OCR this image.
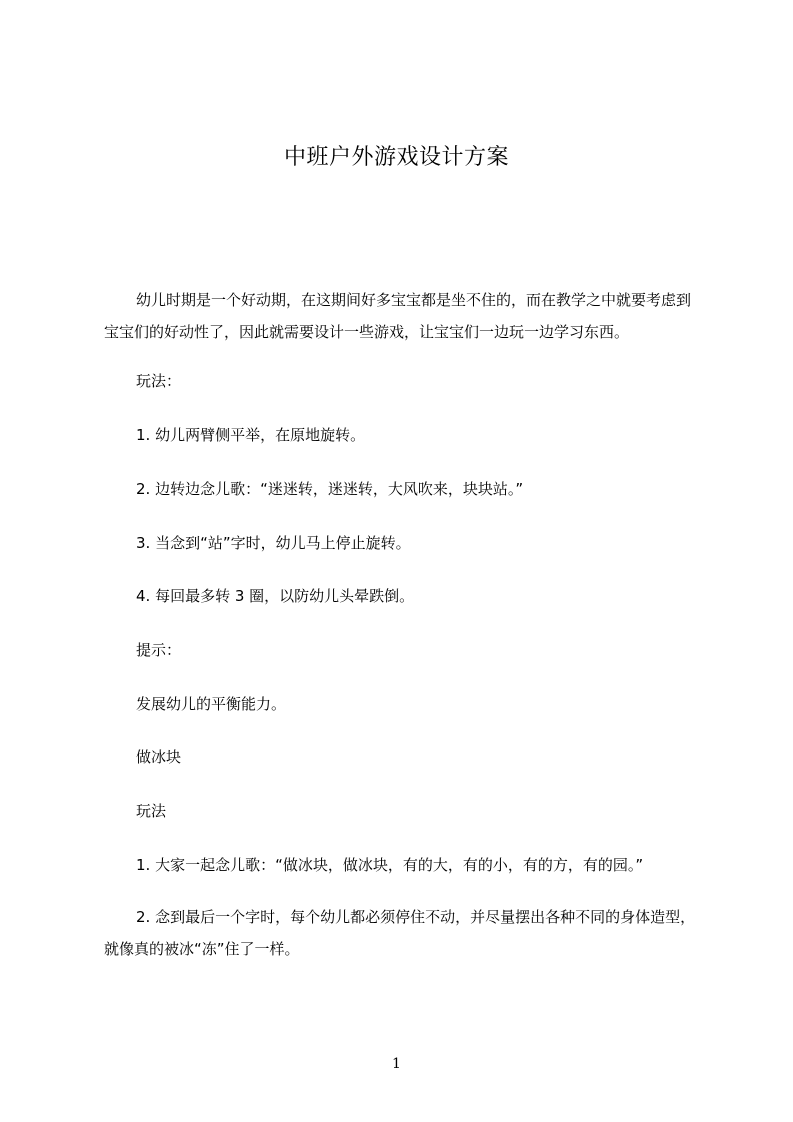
中班户外游戏设计方案

幼儿时期是一个好动期，在这期间好多宝宝都是坐不住的，而在教学之中就要考虑到宝宝们的好动性了，因此就需要设计一些游戏，让宝宝们一边玩一边学习东西。

玩法：

1. 幼儿两臂侧平举，在原地旋转。

2. 边转边念儿歌：“迷迷转，迷迷转，大风吹来，块块站。”

3. 当念到“站”字时，幼儿马上停止旋转。

4. 每回最多转 3 圈，以防幼儿头晕跌倒。

提示：

发展幼儿的平衡能力。

做冰块

玩法

1. 大家一起念儿歌：“做冰块，做冰块，有的大，有的小，有的方，有的园。”

2. 念到最后一个字时，每个幼儿都必须停住不动，并尽量摆出各种不同的身体造型，就像真的被冰“冻”住了一样。

1
